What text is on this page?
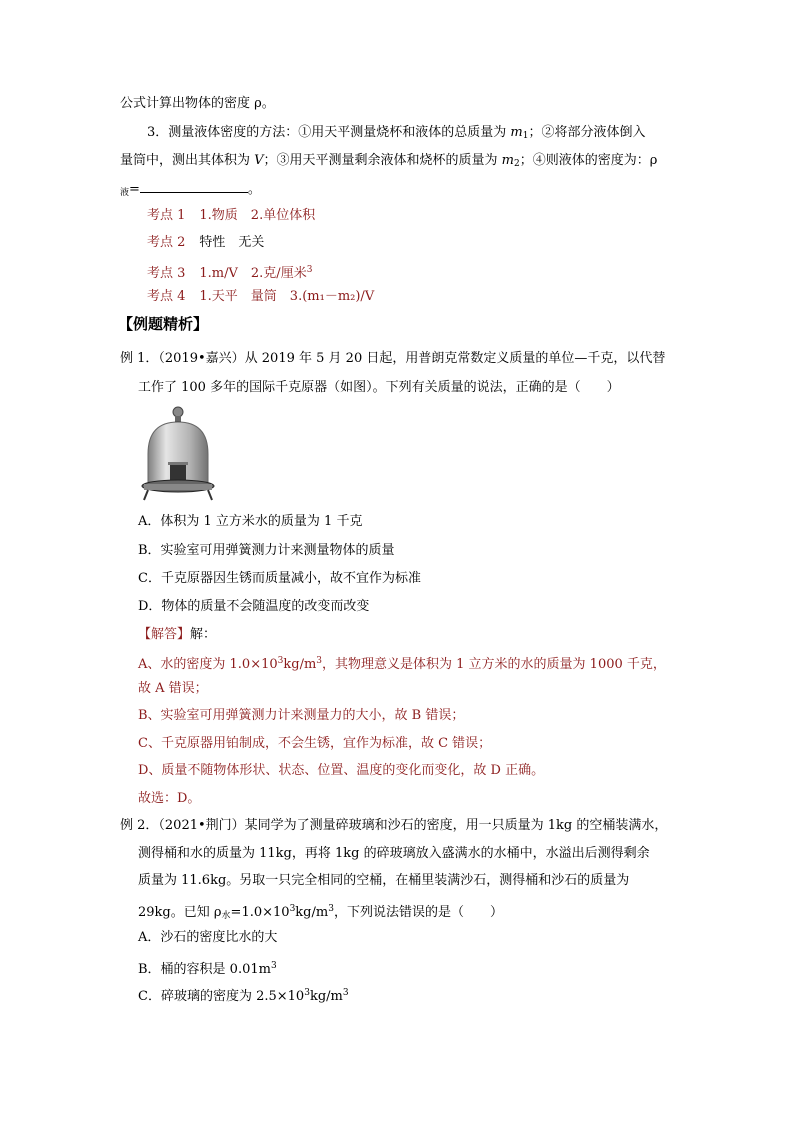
公式计算出物体的密度 ρ。
3．测量液体密度的方法：①用天平测量烧杯和液体的总质量为 $m_1$；②将部分液体倒入
量筒中，测出其体积为 V；③用天平测量剩余液体和烧杯的质量为 $m_2$；④则液体的密度为：ρ
$_液$=	。
考点 1 1.物质　2.单位体积
考点 2 特性　无关
考点 3 1.m/V　2.克/厘米$^3$
考点 4 1.天平　量筒　3.(m₁－m₂)/V
【例题精析】
例 1．（2019•嘉兴）从 2019 年 5 月 20 日起，用普朗克常数定义质量的单位—千克，以代替
工作了 100 多年的国际千克原器（如图）。下列有关质量的说法，正确的是（　　）
A．体积为 1 立方米水的质量为 1 千克
B．实验室可用弹簧测力计来测量物体的质量
C．千克原器因生锈而质量减小，故不宜作为标准
D．物体的质量不会随温度的改变而改变
【解答】解：
A、水的密度为 $1.0\times 10^3kg/m^3$，其物理意义是体积为 1 立方米的水的质量为 1000 千克，
故 A 错误；
B、实验室可用弹簧测力计来测量力的大小，故 B 错误；
C、千克原器用铂制成，不会生锈，宜作为标准，故 C 错误；
D、质量不随物体形状、状态、位置、温度的变化而变化，故 D 正确。
故选：D。
例 2．（2021•荆门）某同学为了测量碎玻璃和沙石的密度，用一只质量为 1kg 的空桶装满水，
测得桶和水的质量为 11kg，再将 1kg 的碎玻璃放入盛满水的水桶中，水溢出后测得剩余
质量为 11.6kg。另取一只完全相同的空桶，在桶里装满沙石，测得桶和沙石的质量为
29kg。已知 $\rho_水=1.0\times 10^3kg/m^3$，下列说法错误的是（　　）
A．沙石的密度比水的大
B．桶的容积是 $0.01m^3$
C．碎玻璃的密度为 $2.5\times 10^3kg/m^3$
